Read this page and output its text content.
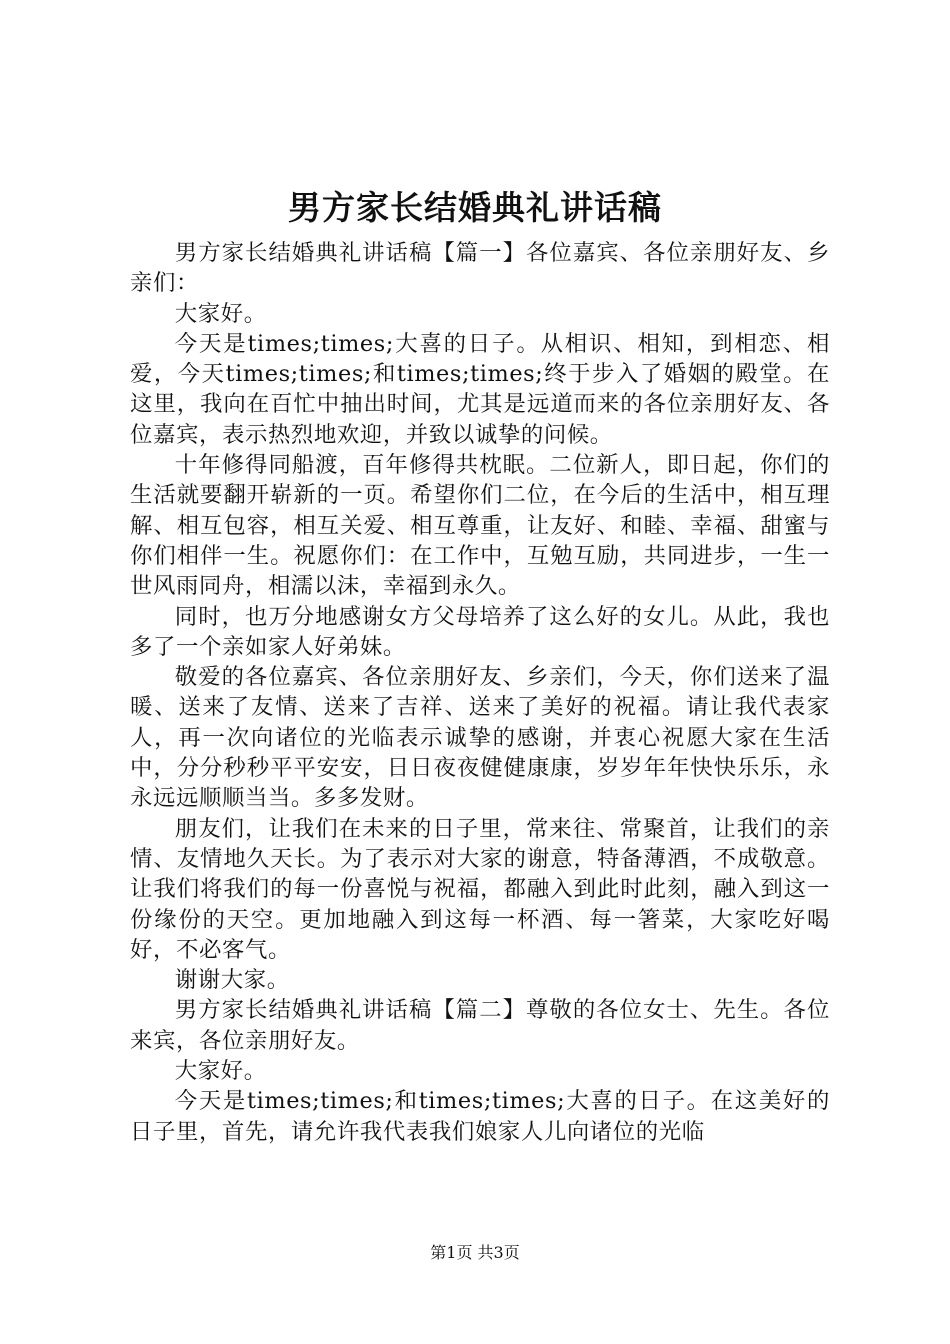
男方家长结婚典礼讲话稿

男方家长结婚典礼讲话稿【篇一】各位嘉宾、各位亲朋好友、乡亲们：

大家好。

今天是times;times;大喜的日子。从相识、相知，到相恋、相爱，今天times;times;和times;times;终于步入了婚姻的殿堂。在这里，我向在百忙中抽出时间，尤其是远道而来的各位亲朋好友、各位嘉宾，表示热烈地欢迎，并致以诚挚的问候。

十年修得同船渡，百年修得共枕眠。二位新人，即日起，你们的生活就要翻开崭新的一页。希望你们二位，在今后的生活中，相互理解、相互包容，相互关爱、相互尊重，让友好、和睦、幸福、甜蜜与你们相伴一生。祝愿你们：在工作中，互勉互励，共同进步，一生一世风雨同舟，相濡以沫，幸福到永久。

同时，也万分地感谢女方父母培养了这么好的女儿。从此，我也多了一个亲如家人好弟妹。

敬爱的各位嘉宾、各位亲朋好友、乡亲们，今天，你们送来了温暖、送来了友情、送来了吉祥、送来了美好的祝福。请让我代表家人，再一次向诸位的光临表示诚挚的感谢，并衷心祝愿大家在生活中，分分秒秒平平安安，日日夜夜健健康康，岁岁年年快快乐乐，永永远远顺顺当当。多多发财。

朋友们，让我们在未来的日子里，常来往、常聚首，让我们的亲情、友情地久天长。为了表示对大家的谢意，特备薄酒，不成敬意。让我们将我们的每一份喜悦与祝福，都融入到此时此刻，融入到这一份缘份的天空。更加地融入到这每一杯酒、每一箸菜，大家吃好喝好，不必客气。

谢谢大家。

男方家长结婚典礼讲话稿【篇二】尊敬的各位女士、先生。各位来宾，各位亲朋好友。

大家好。

今天是times;times;和times;times;大喜的日子。在这美好的日子里，首先，请允许我代表我们娘家人儿向诸位的光临

第1页 共3页
